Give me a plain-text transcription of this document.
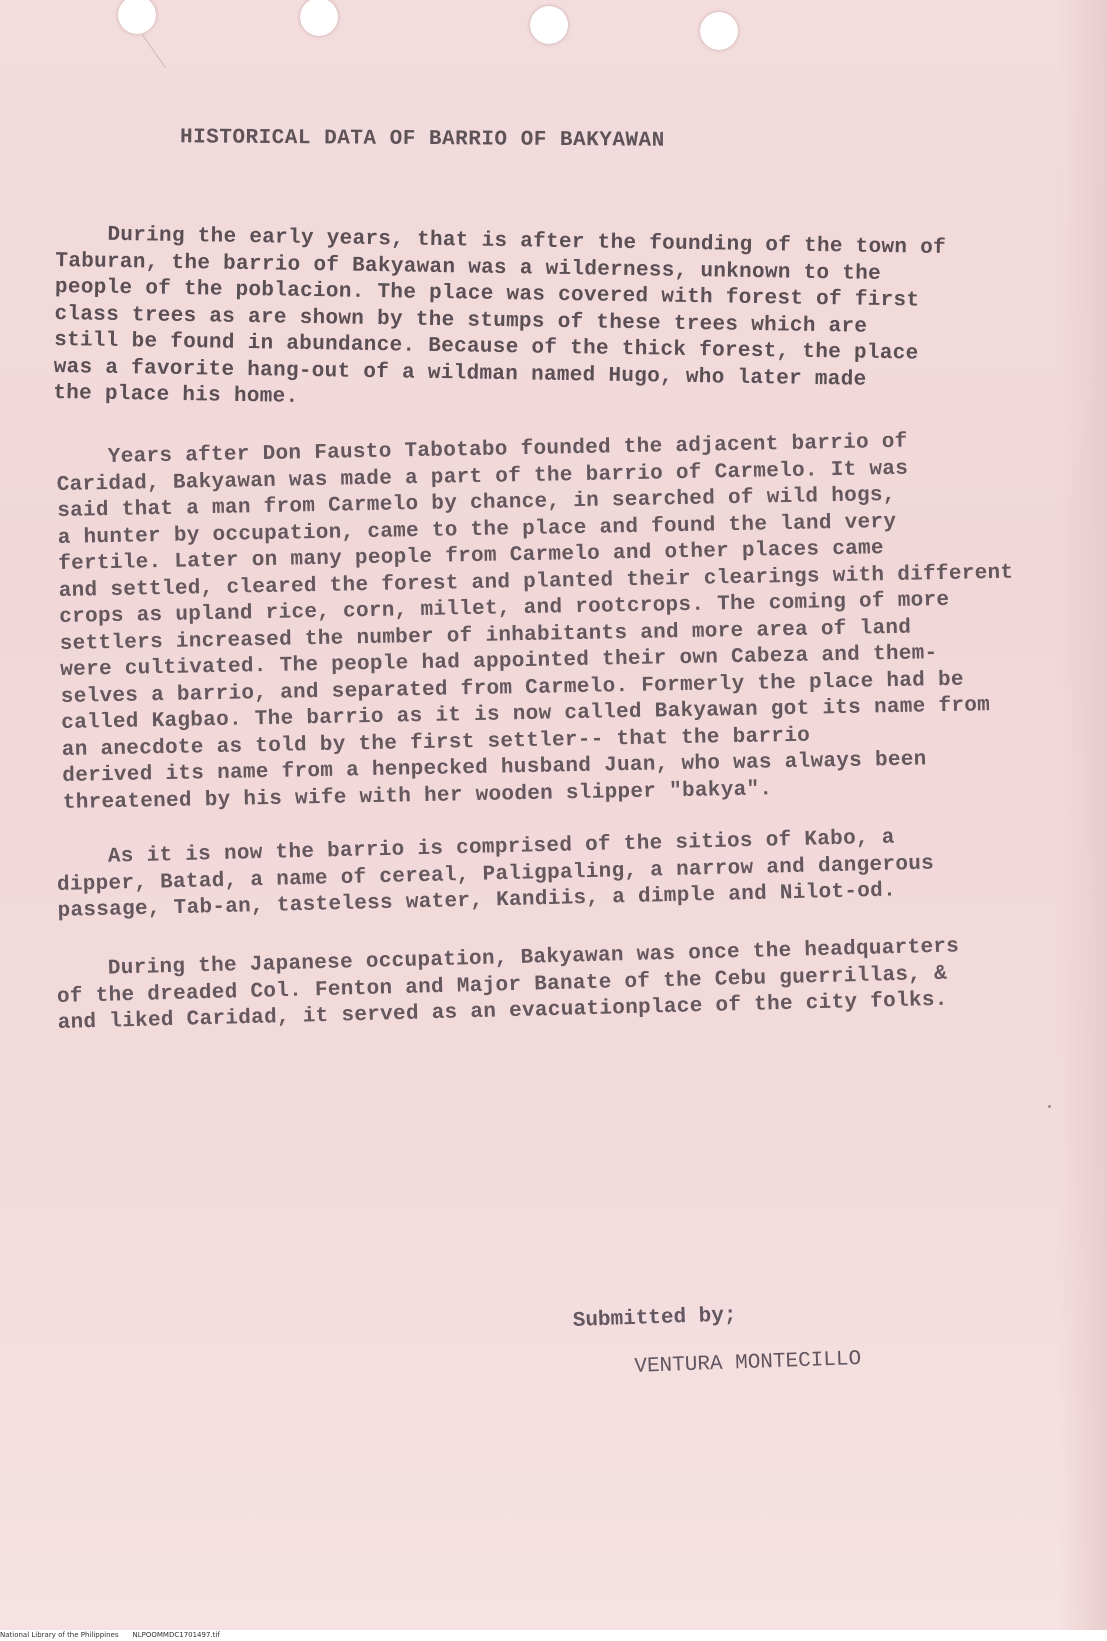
HISTORICAL DATA OF BARRIO OF BAKYAWAN

During the early years, that is after the founding of the town of
Taburan, the barrio of Bakyawan was a wilderness, unknown to the
people of the poblacion. The place was covered with forest of first
class trees as are shown by the stumps of these trees which are
still be found in abundance. Because of the thick forest, the place
was a favorite hang-out of a wildman named Hugo, who later made
the place his home.

Years after Don Fausto Tabotabo founded the adjacent barrio of
Caridad, Bakyawan was made a part of the barrio of Carmelo. It was
said that a man from Carmelo by chance, in searched of wild hogs,
a hunter by occupation, came to the place and found the land very
fertile. Later on many people from Carmelo and other places came
and settled, cleared the forest and planted their clearings with different
crops as upland rice, corn, millet, and rootcrops. The coming of more
settlers increased the number of inhabitants and more area of land
were cultivated. The people had appointed their own Cabeza and them-
selves a barrio, and separated from Carmelo. Formerly the place had be
called Kagbao. The barrio as it is now called Bakyawan got its name from
an anecdote as told by the first settler-- that the barrio
derived its name from a henpecked husband Juan, who was always been
threatened by his wife with her wooden slipper "bakya".

As it is now the barrio is comprised of the sitios of Kabo, a
dipper, Batad, a name of cereal, Paligpaling, a narrow and dangerous
passage, Tab-an, tasteless water, Kandiis, a dimple and Nilot-od.

During the Japanese occupation, Bakyawan was once the headquarters
of the dreaded Col. Fenton and Major Banate of the Cebu guerrillas, &
and liked Caridad, it served as an evacuationplace of the city folks.

Submitted by;
VENTURA MONTECILLO
National Library of the Philippines NLPOOMMDC1701497.tif
